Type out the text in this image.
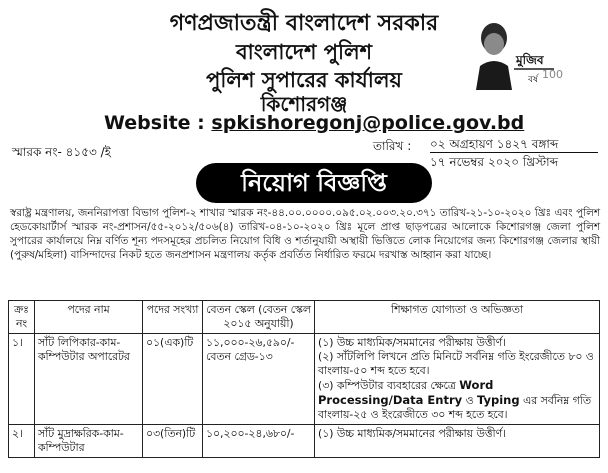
গণপ্রজাতন্ত্রী বাংলাদেশ সরকার
বাংলাদেশ পুলিশ
পুলিশ সুপারের কার্যালয়
কিশোরগঞ্জ
Website : spkishoregonj@police.gov.bd
মুজিব
বর্ষ 100
স্মারক নং- ৪১৫৩ /ই	তারিখ : ০২ অগ্রহায়ণ ১৪২৭ বঙ্গাব্দ
১৭ নভেম্বর ২০২০ খ্রিস্টাব্দ
নিয়োগ বিজ্ঞপ্তি
স্বরাষ্ট্র মন্ত্রণালয়, জননিরাপত্তা বিভাগ পুলিশ-২ শাখার স্মারক নং-৪৪.০০.০০০০.০৯৫.০২.০০৩.২০.৩৭১ তারিখ-২১-১০-২০২০ খ্রিঃ এবং পুলিশ হেডকোয়ার্টার্স স্মারক নং-প্রশাসন/৫৫-২০১২/৫০৬(৪) তারিখ-০৪-১০-২০২০ খ্রিঃ মূলে প্রাপ্ত ছাড়পত্রের আলোকে কিশোরগঞ্জ জেলা পুলিশ সুপারের কার্যালয়ে নিম্ন বর্ণিত শূন্য পদসমূহের প্রচলিত নিয়োগ বিধি ও শর্তানুযায়ী অস্থায়ী ভিত্তিতে লোক নিয়োগের জন্য কিশোরগঞ্জ জেলার স্থায়ী (পুরুষ/মহিলা) বাসিন্দাদের নিকট হতে জনপ্রশাসন মন্ত্রণালয় কর্তৃক প্রবর্তিত নির্ধারিত ফরমে দরখাস্ত আহ্বান করা যাচ্ছে।
ক্রঃ নং	পদের নাম	পদের সংখ্যা	বেতন স্কেল (বেতন স্কেল ২০১৫ অনুযায়ী)	শিক্ষাগত যোগ্যতা ও অভিজ্ঞতা
১।	সাঁট লিপিকার-কাম-কম্পিউটার অপারেটর	০১(এক)টি	১১,০০০-২৬,৫৯০/- বেতন গ্রেড-১৩	(১) উচ্চ মাধ্যমিক/সমমানের পরীক্ষায় উত্তীর্ণ।
(২) সাঁটলিপি লিখনে প্রতি মিনিটে সর্বনিম্ন গতি ইংরেজীতে ৮০ ও বাংলায়-৫০ শব্দ হতে হবে।
(৩) কম্পিউটার ব্যবহারের ক্ষেত্রে Word Processing/Data Entry ও Typing এর সর্বনিম্ন গতি বাংলায়-২৫ ও ইংরেজীতে ৩০ শব্দ হতে হবে।

২।	সাঁট মুদ্রাক্ষরিক-কাম-কম্পিউটার	০৩(তিন)টি	১০,২০০-২৪,৬৮০/-	(১) উচ্চ মাধ্যমিক/সমমানের পরীক্ষায় উত্তীর্ণ।
